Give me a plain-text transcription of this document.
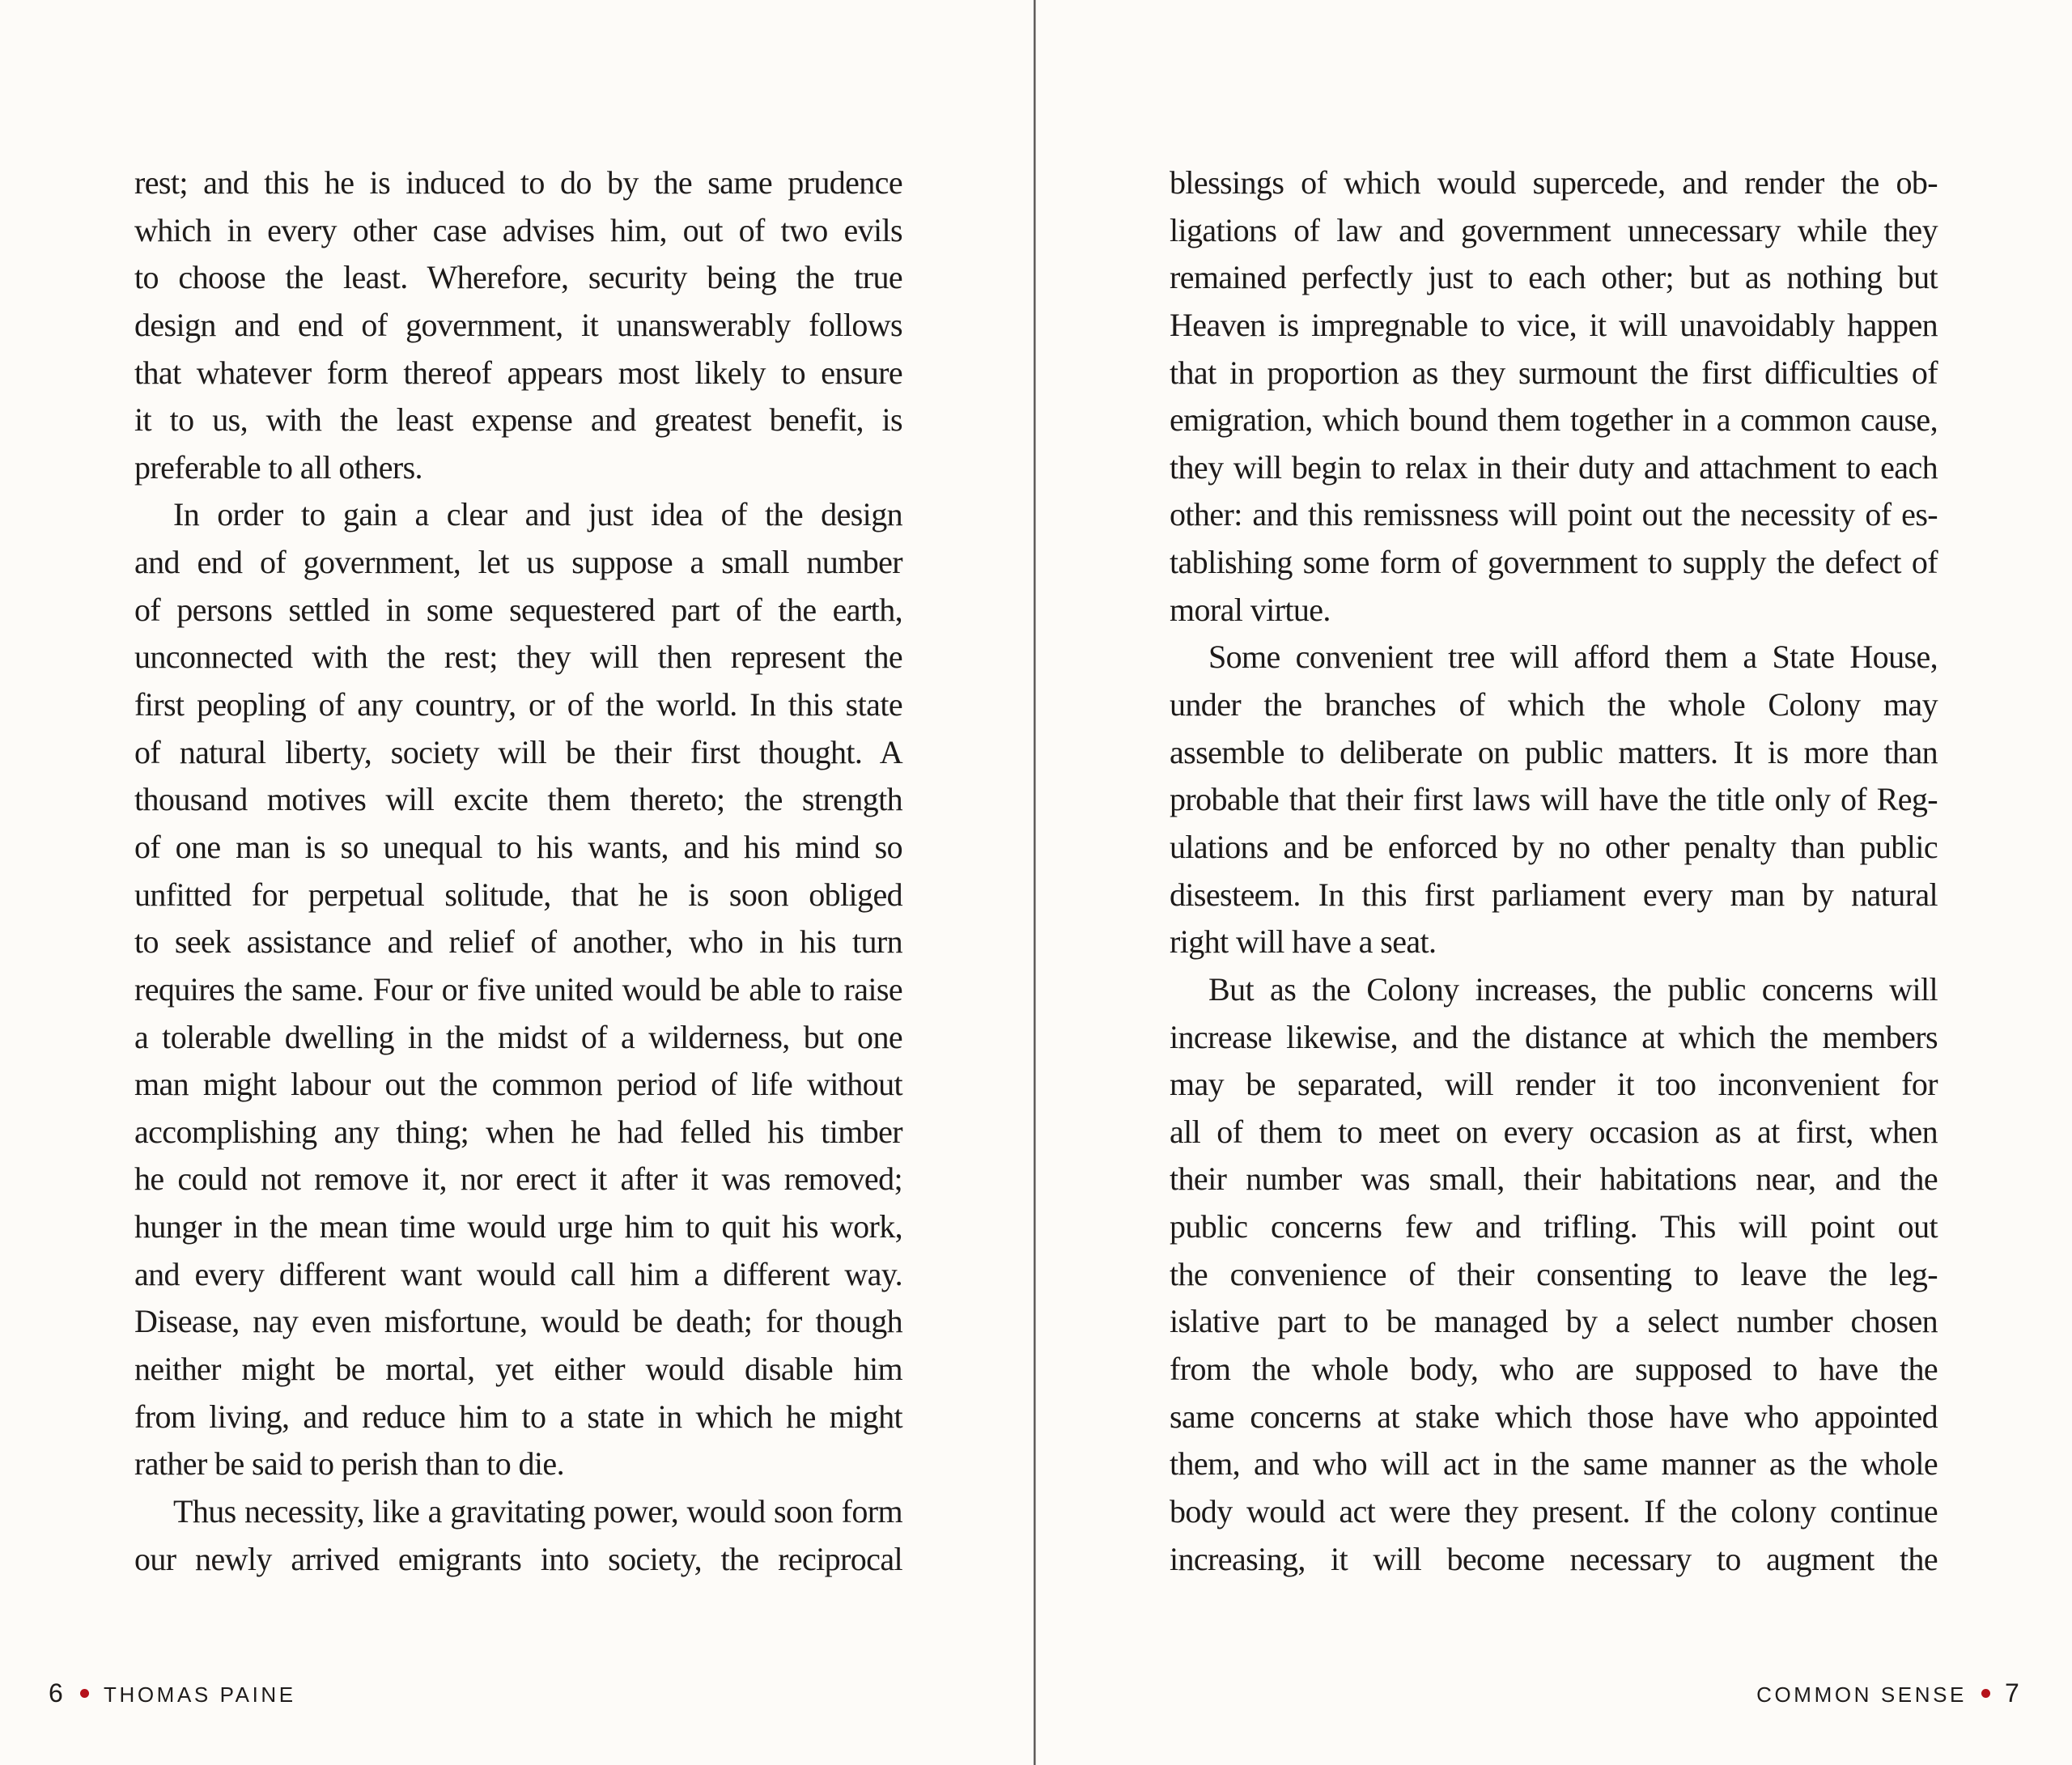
rest; and this he is induced to do by the same prudence
which in every other case advises him, out of two evils
to choose the least. Wherefore, security being the true
design and end of government, it unanswerably follows
that whatever form thereof appears most likely to ensure
it to us, with the least expense and greatest benefit, is
preferable to all others.
In order to gain a clear and just idea of the design
and end of government, let us suppose a small number
of persons settled in some sequestered part of the earth,
unconnected with the rest; they will then represent the
first peopling of any country, or of the world. In this state
of natural liberty, society will be their first thought. A
thousand motives will excite them thereto; the strength
of one man is so unequal to his wants, and his mind so
unfitted for perpetual solitude, that he is soon obliged
to seek assistance and relief of another, who in his turn
requires the same. Four or five united would be able to raise
a tolerable dwelling in the midst of a wilderness, but one
man might labour out the common period of life without
accomplishing any thing; when he had felled his timber
he could not remove it, nor erect it after it was removed;
hunger in the mean time would urge him to quit his work,
and every different want would call him a different way.
Disease, nay even misfortune, would be death; for though
neither might be mortal, yet either would disable him
from living, and reduce him to a state in which he might
rather be said to perish than to die.
Thus necessity, like a gravitating power, would soon form
our newly arrived emigrants into society, the reciprocal
6 THOMAS PAINE
blessings of which would supercede, and render the ob-
ligations of law and government unnecessary while they
remained perfectly just to each other; but as nothing but
Heaven is impregnable to vice, it will unavoidably happen
that in proportion as they surmount the first difficulties of
emigration, which bound them together in a common cause,
they will begin to relax in their duty and attachment to each
other: and this remissness will point out the necessity of es-
tablishing some form of government to supply the defect of
moral virtue.
Some convenient tree will afford them a State House,
under the branches of which the whole Colony may
assemble to deliberate on public matters. It is more than
probable that their first laws will have the title only of Reg-
ulations and be enforced by no other penalty than public
disesteem. In this first parliament every man by natural
right will have a seat.
But as the Colony increases, the public concerns will
increase likewise, and the distance at which the members
may be separated, will render it too inconvenient for
all of them to meet on every occasion as at first, when
their number was small, their habitations near, and the
public concerns few and trifling. This will point out
the convenience of their consenting to leave the leg-
islative part to be managed by a select number chosen
from the whole body, who are supposed to have the
same concerns at stake which those have who appointed
them, and who will act in the same manner as the whole
body would act were they present. If the colony continue
increasing, it will become necessary to augment the
COMMON SENSE 7
